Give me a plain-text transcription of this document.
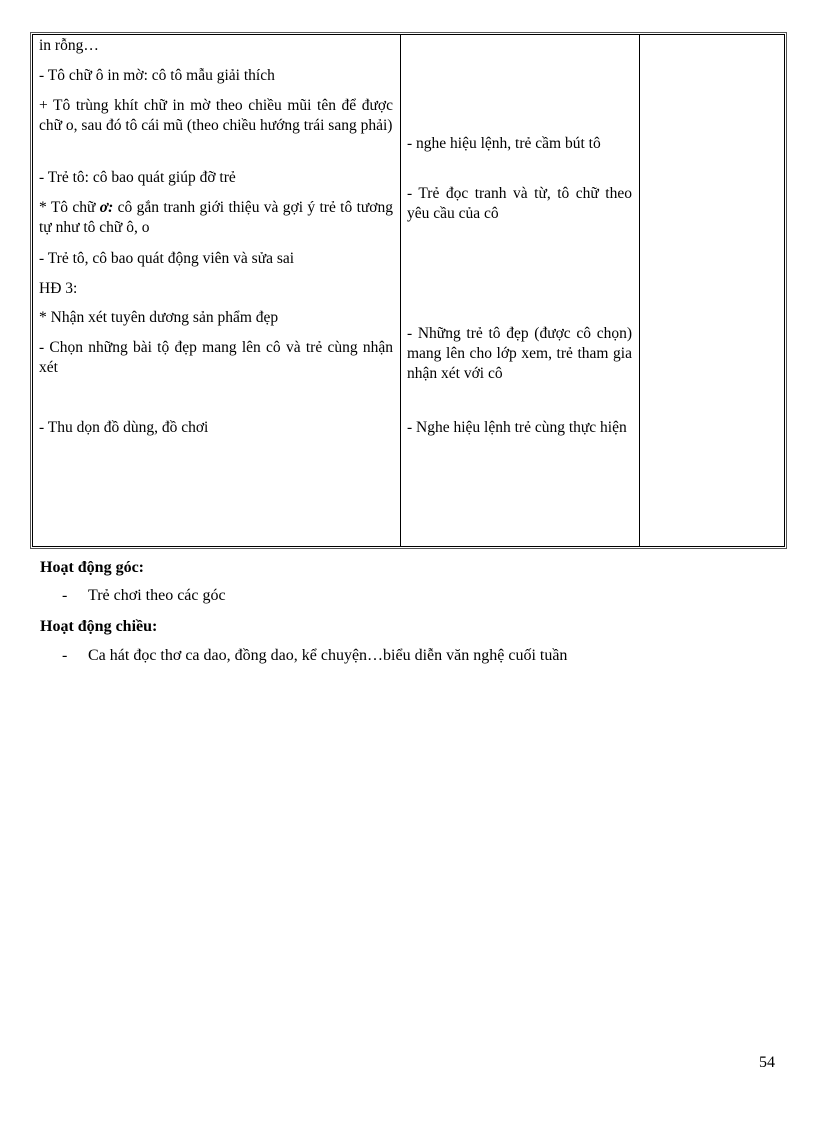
in rỗng…
- Tô chữ ô in mờ: cô tô mẫu giải thích
+ Tô trùng khít chữ in mờ theo chiều mũi tên để được chữ o, sau đó tô cái mũ (theo chiều hướng trái sang phải)
- Trẻ tô: cô bao quát giúp đỡ trẻ
* Tô chữ ơ: cô gắn tranh giới thiệu và gợi ý trẻ tô tương tự như tô chữ ô, o
- Trẻ tô, cô bao quát động viên và sửa sai
HĐ 3:
* Nhận xét tuyên dương sản phẩm đẹp
- Chọn những bài tộ đẹp mang lên cô và trẻ cùng nhận xét
- Thu dọn đồ dùng, đồ chơi
- nghe hiệu lệnh, trẻ cầm bút tô
- Trẻ đọc tranh và từ, tô chữ theo yêu cầu của cô
- Những trẻ tô đẹp (được cô chọn) mang lên cho lớp xem, trẻ tham gia nhận xét với cô
- Nghe hiệu lệnh trẻ cùng thực hiện
Hoạt động góc:
- Trẻ chơi theo các góc
Hoạt động chiều:
- Ca hát đọc thơ ca dao, đồng dao, kể chuyện…biểu diễn văn nghệ cuối tuần
54
